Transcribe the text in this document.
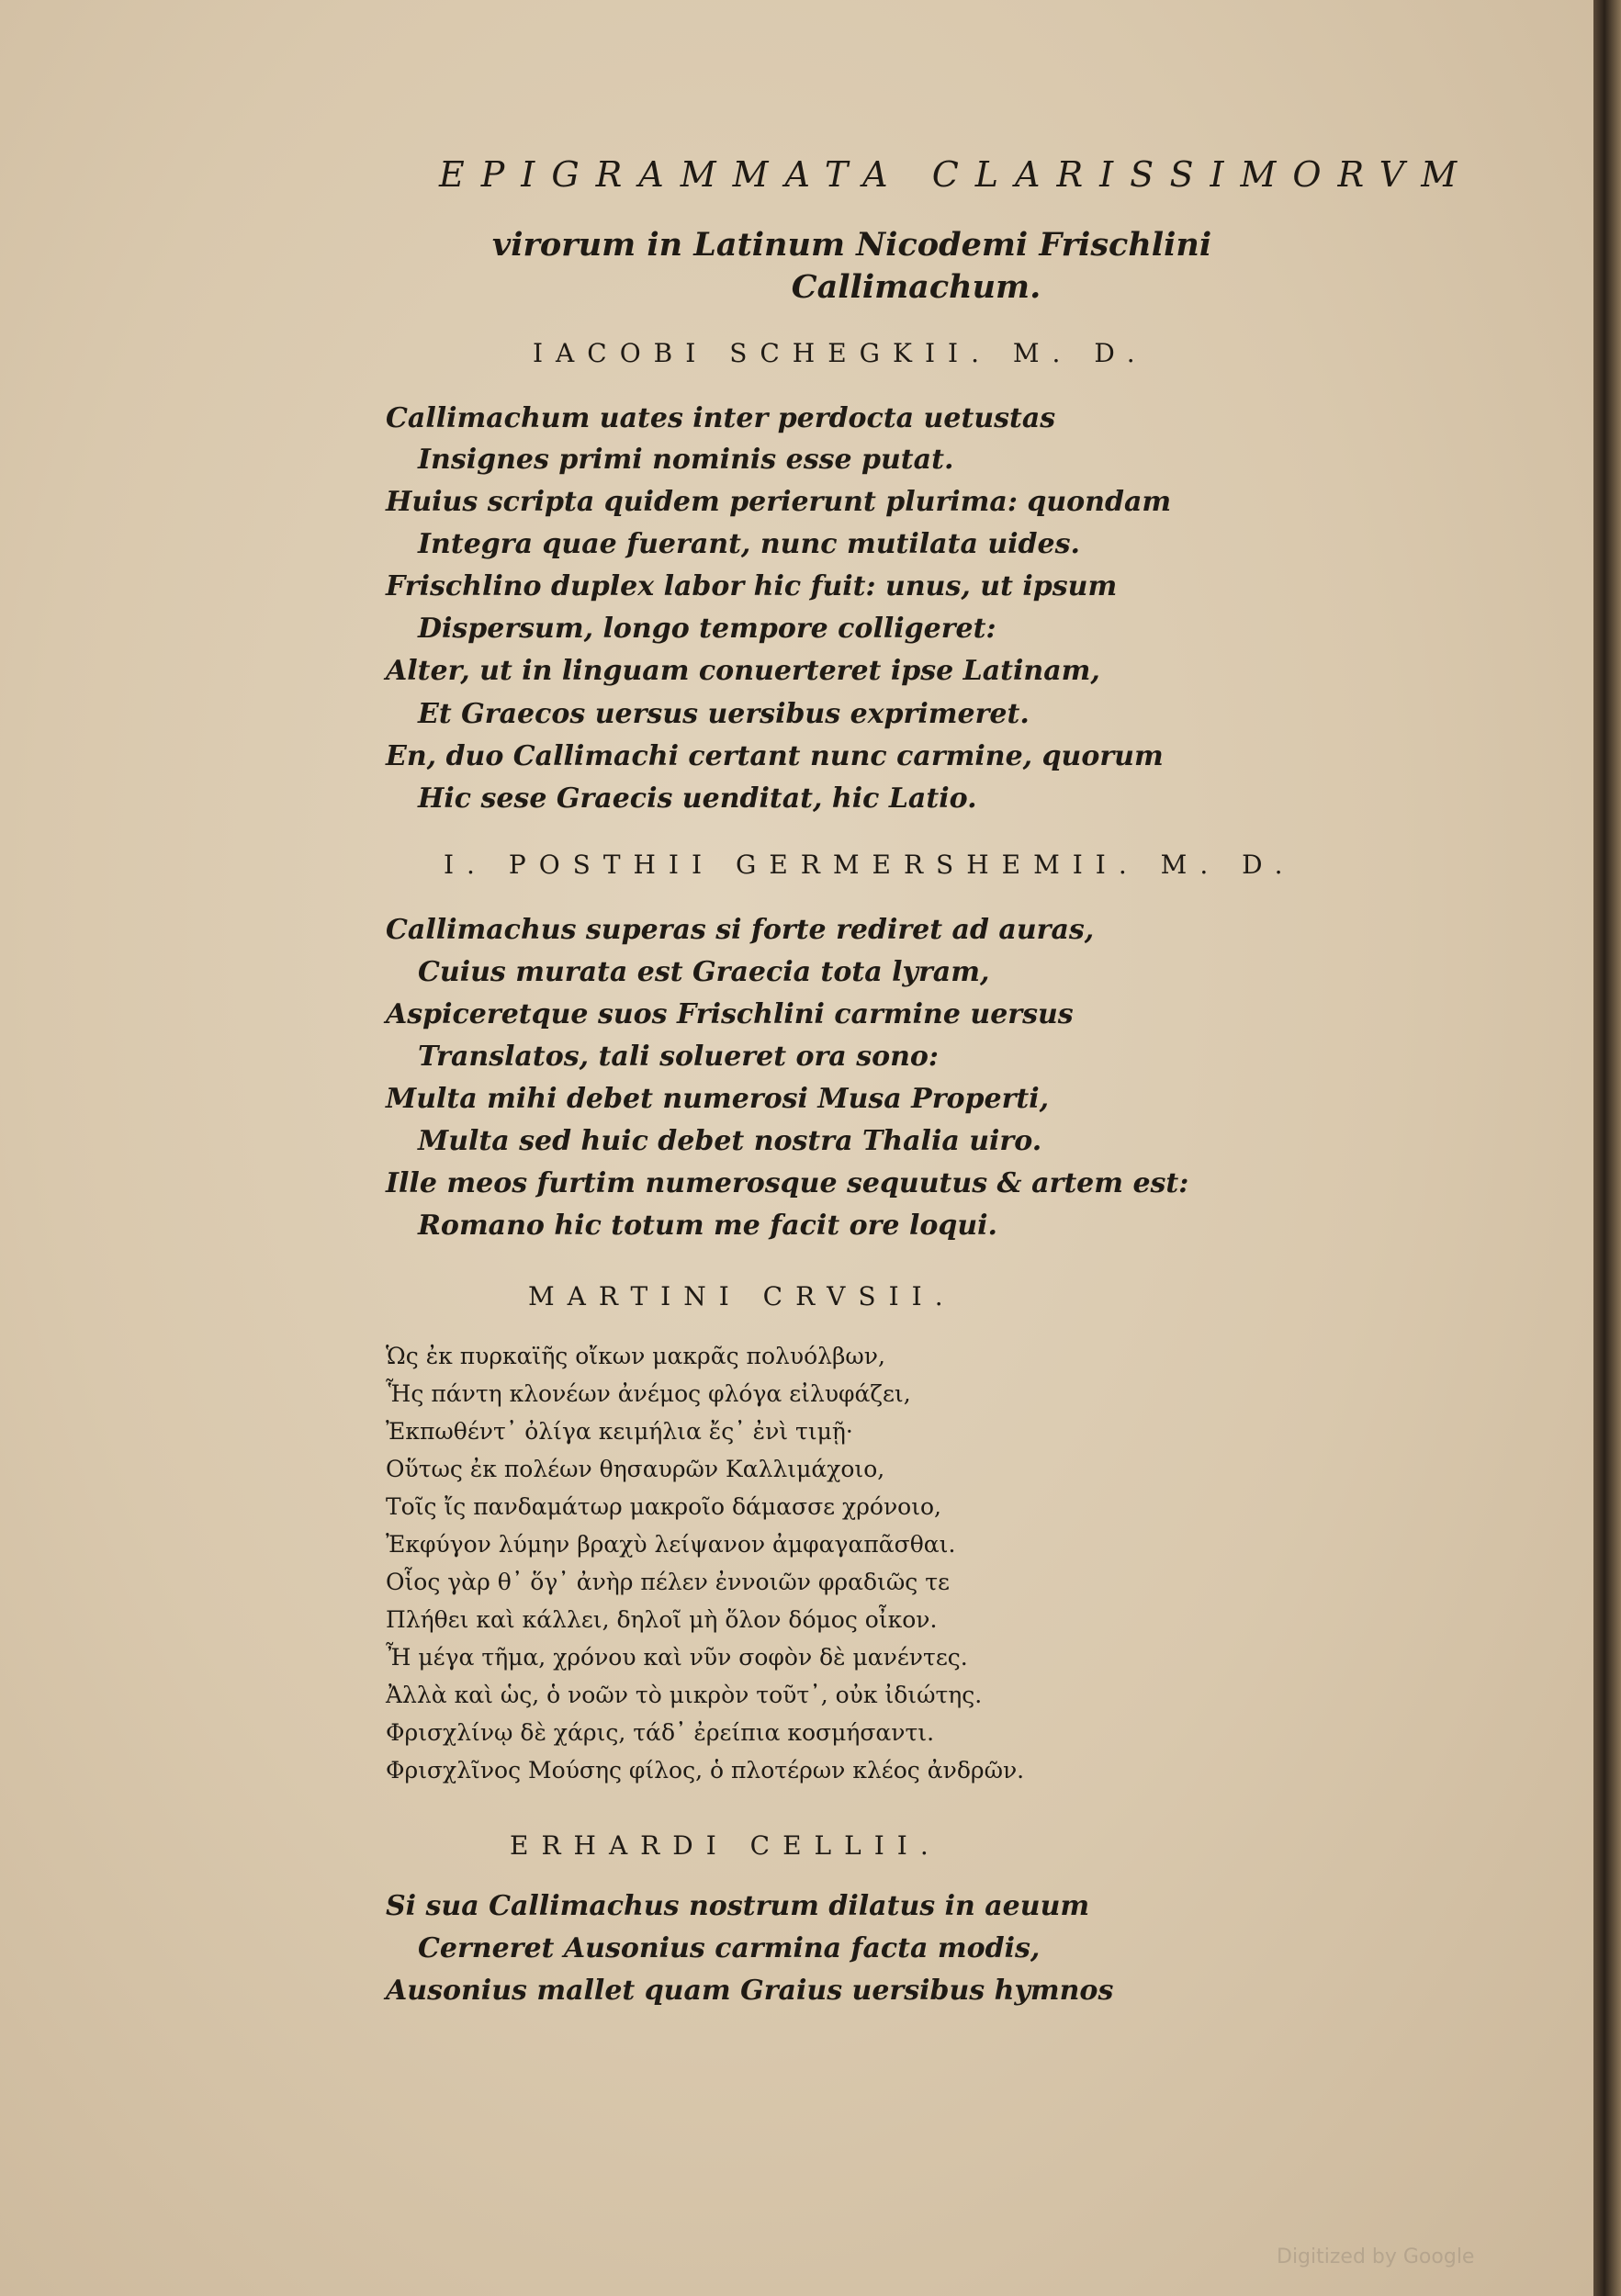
EPIGRAMMATA CLARISSIMORVM
virorum in Latinum Nicodemi Frischlini
Callimachum.
IACOBI SCHEGKII. M. D.
Callimachum uates inter perdocta uetustas
Insignes primi nominis esse putat.
Huius scripta quidem perierunt plurima: quondam
Integra quae fuerant, nunc mutilata uides.
Frischlino duplex labor hic fuit: unus, ut ipsum
Dispersum, longo tempore colligeret:
Alter, ut in linguam conuerteret ipse Latinam,
Et Graecos uersus uersibus exprimeret.
En, duo Callimachi certant nunc carmine, quorum
Hic sese Graecis uenditat, hic Latio.
I. POSTHII GERMERSHEMII. M. D.
Callimachus superas si forte rediret ad auras,
Cuius murata est Graecia tota lyram,
Aspiceretque suos Frischlini carmine uersus
Translatos, tali solueret ora sono:
Multa mihi debet numerosi Musa Properti,
Multa sed huic debet nostra Thalia uiro.
Ille meos furtim numerosque sequutus & artem est:
Romano hic totum me facit ore loqui.
MARTINI CRVSII.
Ὡς ἐκ πυρκαϊῆς οἴκων μακρᾶς πολυόλβων,
Ἧς πάντη κλονέων ἀνέμος φλόγα εἰλυφάζει,
Ἐκπωθέντ᾽ ὀλίγα κειμήλια ἔς᾽ ἐνὶ τιμῇ·
Οὕτως ἐκ πολέων θησαυρῶν Καλλιμάχοιο,
Τοῖς ἴς πανδαμάτωρ μακροῖο δάμασσε χρόνοιο,
Ἐκφύγον λύμην βραχὺ λείψανον ἀμφαγαπᾶσθαι.
Οἷος γὰρ θ᾽ ὅγ᾽ ἀνὴρ πέλεν ἐννοιῶν φραδιῶς τε
Πλήθει καὶ κάλλει, δηλοῖ μὴ ὅλον δόμος οἶκον.
Ἦ μέγα τῆμα, χρόνου καὶ νῦν σοφὸν δὲ μανέντες.
Ἀλλὰ καὶ ὡς, ὁ νοῶν τὸ μικρὸν τοῦτ᾽, οὐκ ἰδιώτης.
Φρισχλίνῳ δὲ χάρις, τάδ᾽ ἐρείπια κοσμήσαντι.
Φρισχλῖνος Μούσης φίλος, ὁ πλοτέρων κλέος ἀνδρῶν.
ERHARDI CELLII.
Si sua Callimachus nostrum dilatus in aeuum
Cerneret Ausonius carmina facta modis,
Ausonius mallet quam Graius uersibus hymnos
Digitized by Google
